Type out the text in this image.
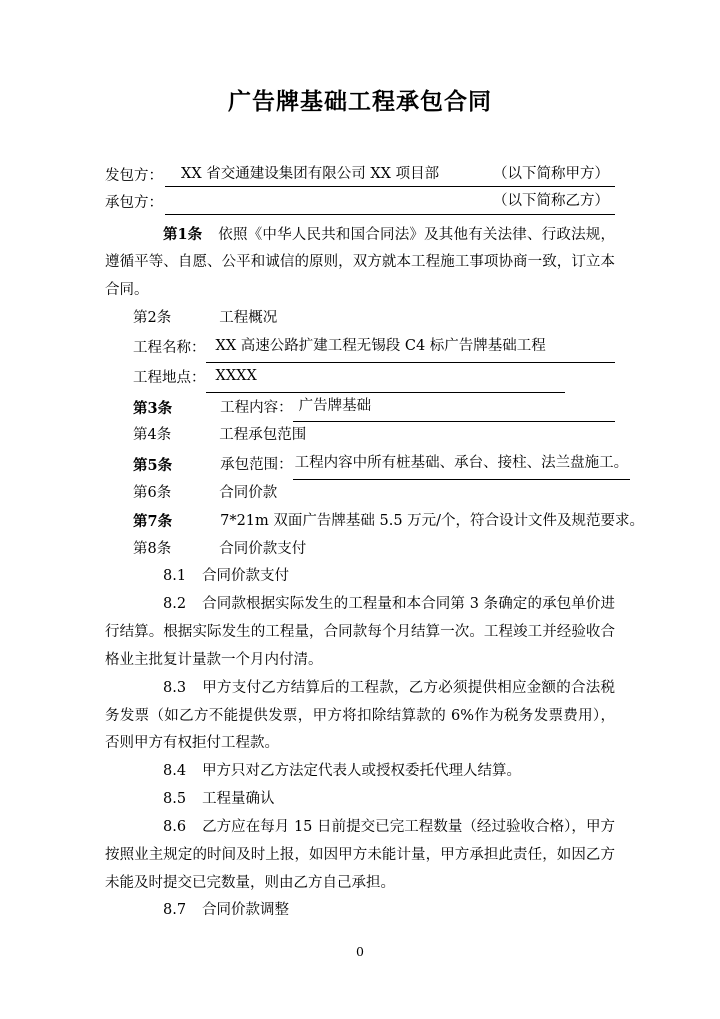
广告牌基础工程承包合同
发包方：	XX 省交通建设集团有限公司 XX 项目部	（以下简称甲方）
承包方：	（以下简称乙方）

第1条 依照《中华人民共和国合同法》及其他有关法律、行政法规，遵循平等、自愿、公平和诚信的原则，双方就本工程施工事项协商一致，订立本合同。

第2条	工程概况
工程名称： XX 高速公路扩建工程无锡段 C4 标广告牌基础工程
工程地点： XXXX
第3条	工程内容： 广告牌基础
第4条	工程承包范围
第5条	承包范围： 工程内容中所有桩基础、承台、接柱、法兰盘施工。
第6条	合同价款
第7条	7*21m 双面广告牌基础 5.5 万元/个，符合设计文件及规范要求。
第8条	合同价款支付

8.1 合同价款支付

8.2 合同款根据实际发生的工程量和本合同第 3 条确定的承包单价进行结算。根据实际发生的工程量，合同款每个月结算一次。工程竣工并经验收合格业主批复计量款一个月内付清。

8.3 甲方支付乙方结算后的工程款，乙方必须提供相应金额的合法税务发票（如乙方不能提供发票，甲方将扣除结算款的 6%作为税务发票费用），否则甲方有权拒付工程款。

8.4 甲方只对乙方法定代表人或授权委托代理人结算。

8.5 工程量确认

8.6 乙方应在每月 15 日前提交已完工程数量（经过验收合格），甲方按照业主规定的时间及时上报，如因甲方未能计量，甲方承担此责任，如因乙方未能及时提交已完数量，则由乙方自己承担。

8.7 合同价款调整

0
